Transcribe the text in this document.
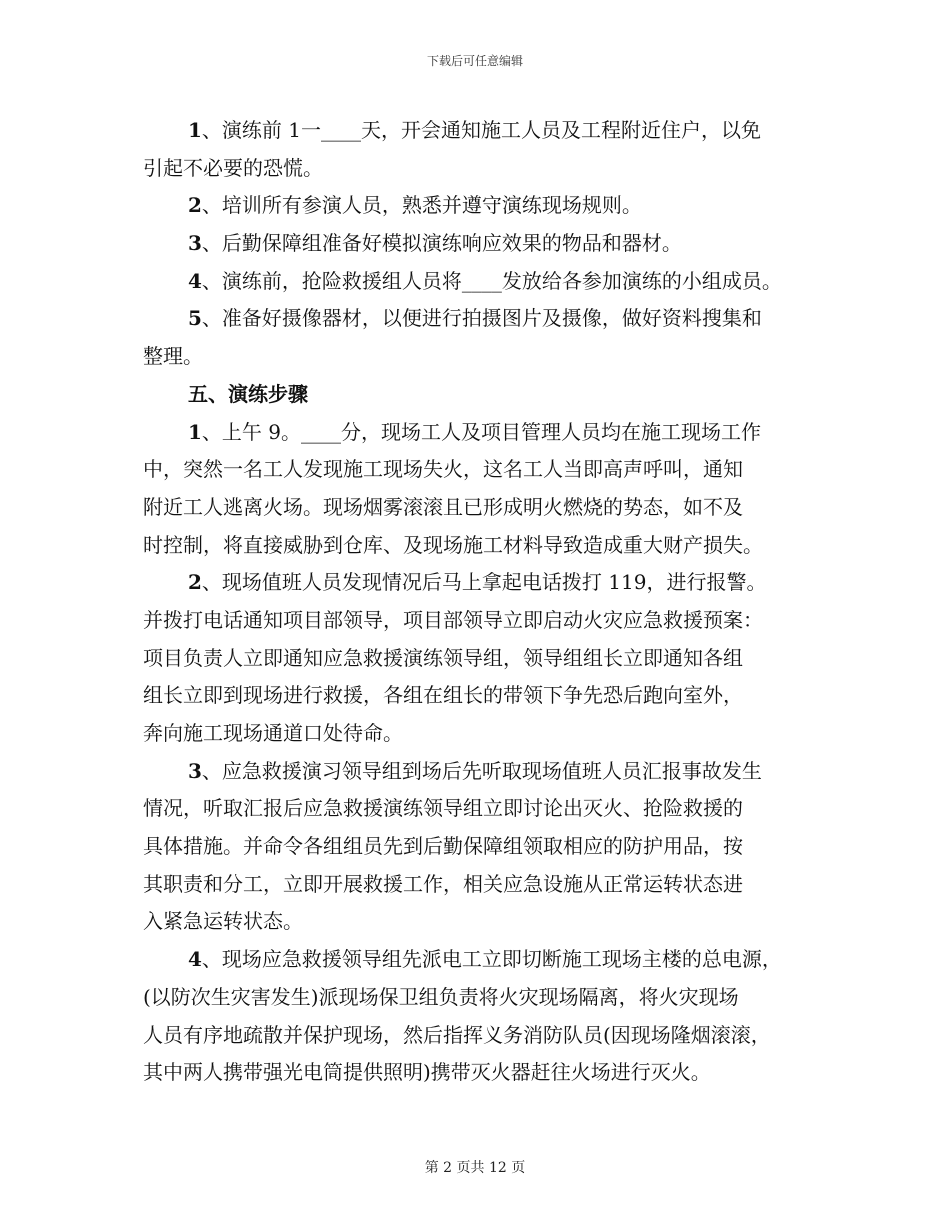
下载后可任意编辑
1、演练前 1一____天，开会通知施工人员及工程附近住户，以免
引起不必要的恐慌。
2、培训所有参演人员，熟悉并遵守演练现场规则。
3、后勤保障组准备好模拟演练响应效果的物品和器材。
4、演练前，抢险救援组人员将____发放给各参加演练的小组成员。
5、准备好摄像器材，以便进行拍摄图片及摄像，做好资料搜集和
整理。
五、演练步骤
1、上午 9。____分，现场工人及项目管理人员均在施工现场工作
中，突然一名工人发现施工现场失火，这名工人当即高声呼叫，通知
附近工人逃离火场。现场烟雾滚滚且已形成明火燃烧的势态，如不及
时控制，将直接威胁到仓库、及现场施工材料导致造成重大财产损失。
2、现场值班人员发现情况后马上拿起电话拨打 119，进行报警。
并拨打电话通知项目部领导，项目部领导立即启动火灾应急救援预案：
项目负责人立即通知应急救援演练领导组，领导组组长立即通知各组
组长立即到现场进行救援，各组在组长的带领下争先恐后跑向室外，
奔向施工现场通道口处待命。
3、应急救援演习领导组到场后先听取现场值班人员汇报事故发生
情况，听取汇报后应急救援演练领导组立即讨论出灭火、抢险救援的
具体措施。并命令各组组员先到后勤保障组领取相应的防护用品，按
其职责和分工，立即开展救援工作，相关应急设施从正常运转状态进
入紧急运转状态。
4、现场应急救援领导组先派电工立即切断施工现场主楼的总电源，
(以防次生灾害发生)派现场保卫组负责将火灾现场隔离，将火灾现场
人员有序地疏散并保护现场，然后指挥义务消防队员(因现场隆烟滚滚，
其中两人携带强光电筒提供照明)携带灭火器赶往火场进行灭火。
第 2 页共 12 页
